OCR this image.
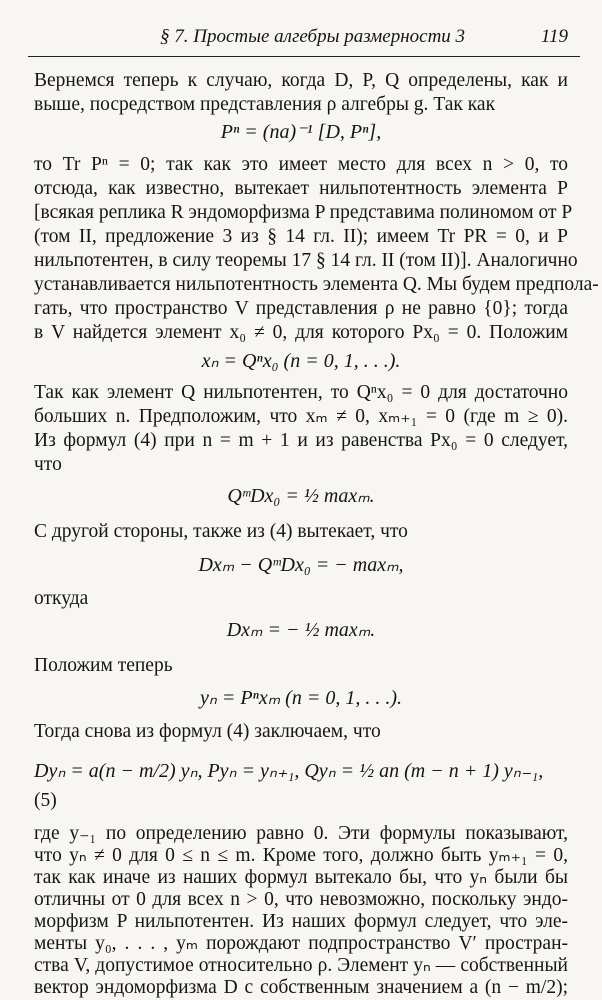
§ 7. Простые алгебры размерности 3	119
Вернемся теперь к случаю, когда D, P, Q определены, как и
выше, посредством представления ρ алгебры g. Так как
Pⁿ = (na)⁻¹ [D, Pⁿ],
то Tr Pⁿ = 0; так как это имеет место для всех n > 0, то
отсюда, как известно, вытекает нильпотентность элемента P
[всякая реплика R эндоморфизма P представима полиномом от P
(том II, предложение 3 из § 14 гл. II); имеем Tr PR = 0, и P
нильпотентен, в силу теоремы 17 § 14 гл. II (том II)]. Аналогично
устанавливается нильпотентность элемента Q. Мы будем предпола-
гать, что пространство V представления ρ не равно {0}; тогда
в V найдется элемент x₀ ≠ 0, для которого Px₀ = 0. Положим
xₙ = Qⁿx₀ (n = 0, 1, . . .).
Так как элемент Q нильпотентен, то Qⁿx₀ = 0 для достаточно
больших n. Предположим, что xₘ ≠ 0, xₘ₊₁ = 0 (где m ≥ 0).
Из формул (4) при n = m + 1 и из равенства Px₀ = 0 следует,
что
QᵐDx₀ = ½ maxₘ.
С другой стороны, также из (4) вытекает, что
Dxₘ − QᵐDx₀ = − maxₘ,
откуда
Dxₘ = − ½ maxₘ.
Положим теперь
yₙ = Pⁿxₘ (n = 0, 1, . . .).
Тогда снова из формул (4) заключаем, что
Dyₙ = a(n − m/2) yₙ, Pyₙ = yₙ₊₁, Qyₙ = ½ an (m − n + 1) yₙ₋₁,
(5)
где y₋₁ по определению равно 0. Эти формулы показывают,
что yₙ ≠ 0 для 0 ≤ n ≤ m. Кроме того, должно быть yₘ₊₁ = 0,
так как иначе из наших формул вытекало бы, что yₙ были бы
отличны от 0 для всех n > 0, что невозможно, поскольку эндо-
морфизм P нильпотентен. Из наших формул следует, что эле-
менты y₀, . . . , yₘ порождают подпространство V′ простран-
ства V, допустимое относительно ρ. Элемент yₙ — собственный
вектор эндоморфизма D с собственным значением a (n − m/2);
